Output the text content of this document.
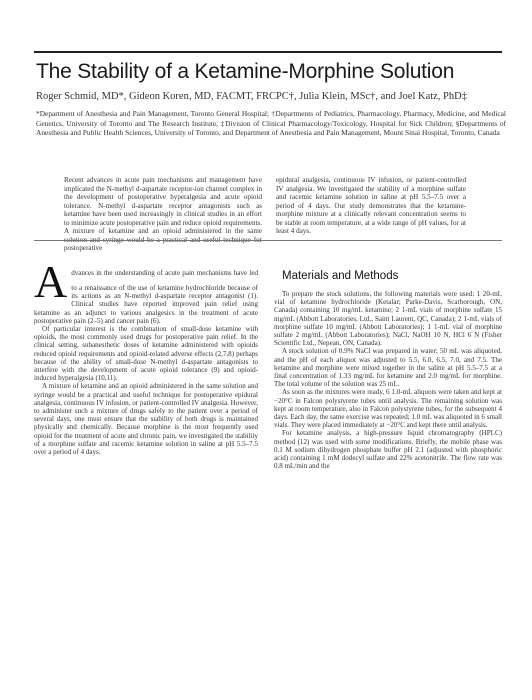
The Stability of a Ketamine-Morphine Solution
Roger Schmid, MD*, Gideon Koren, MD, FACMT, FRCPC†, Julia Klein, MSc†, and Joel Katz, PhD‡
*Department of Anesthesia and Pain Management, Toronto General Hospital; †Departments of Pediatrics, Pharmacology, Pharmacy, Medicine, and Medical Genetics, University of Toronto and The Research Institute, ‡Division of Clinical Pharmacology/Toxicology, Hospital for Sick Children; §Departments of Anesthesia and Public Health Sciences, University of Toronto, and Department of Anesthesia and Pain Management, Mount Sinai Hospital, Toronto, Canada
Recent advances in acute pain mechanisms and management have implicated the N-methyl d-aspartate receptor-ion channel complex in the development of postoperative hyperalgesia and acute opioid tolerance. N-methyl d-aspartate receptor antagonists such as ketamine have been used increasingly in clinical studies in an effort to minimize acute postoperative pain and reduce opioid requirements. A mixture of ketamine and an opioid administered in the same solution and syringe would be a practical and useful technique for postoperative
epidural analgesia, continuous IV infusion, or patient-controlled IV analgesia. We investigated the stability of a morphine sulfate and racemic ketamine solution in saline at pH 5.5–7.5 over a period of 4 days. Our study demonstrates that the ketamine-morphine mixture at a clinically relevant concentration seems to be stable at room temperature, at a wide range of pH values, for at least 4 days.

A dvances in the understanding of acute pain mechanisms have led to a renaissance of the use of ketamine hydrochloride because of its actions as an N-methyl d-aspartate receptor antagonist (1). Clinical studies have reported improved pain relief using ketamine as an adjunct to various analgesics in the treatment of acute postoperative pain (2–5) and cancer pain (6).

Of particular interest is the combination of small-dose ketamine with opioids, the most commonly used drugs for postoperative pain relief. In the clinical setting, subanesthetic doses of ketamine administered with opioids reduced opioid requirements and opioid-related adverse effects (2,7,8) perhaps because of the ability of small-dose N-methyl d-aspartate antagonists to interfere with the development of acute opioid tolerance (9) and opioid-induced hyperalgesia (10,11).

A mixture of ketamine and an opioid administered in the same solution and syringe would be a practical and useful technique for postoperative epidural analgesia, continuous IV infusion, or patient-controlled IV analgesia. However, to administer such a mixture of drugs safely to the patient over a period of several days, one must ensure that the stability of both drugs is maintained physically and chemically. Because morphine is the most frequently used opioid for the treatment of acute and chronic pain, we investigated the stability of a morphine sulfate and racemic ketamine solution in saline at pH 5.5–7.5 over a period of 4 days.

Materials and Methods

To prepare the stock solutions, the following materials were used: 1 20-mL vial of ketamine hydrochloride (Ketalar; Parke-Davis, Scarborough, ON, Canada) containing 10 mg/mL ketamine; 2 1-mL vials of morphine sulfate 15 mg/mL (Abbott Laboratories, Ltd., Saint Laurent, QC, Canada); 2 1-mL vials of morphine sulfate 10 mg/mL (Abbott Laboratories); 1 1-mL vial of morphine sulfate 2 mg/mL (Abbott Laboratories); NaCl, NaOH 10 N, HCl 6 N (Fisher Scientific Ltd., Nepean, ON, Canada).

A stock solution of 0.9% NaCl was prepared in water; 50 mL was aliquoted, and the pH of each aliquot was adjusted to 5.5, 6.0, 6.5, 7.0, and 7.5. The ketamine and morphine were mixed together in the saline at pH 5.5–7.5 at a final concentration of 1.33 mg/mL for ketamine and 2.0 mg/mL for morphine. The total volume of the solution was 25 mL.

As soon as the mixtures were ready, 6 1.0-mL aliquots were taken and kept at −20°C in Falcon polystyrene tubes until analysis. The remaining solution was kept at room temperature, also in Falcon polystyrene tubes, for the subsequent 4 days. Each day, the same exercise was repeated; 1.0 mL was aliquoted in 6 small vials. They were placed immediately at −20°C and kept there until analysis.

For ketamine analysis, a high-pressure liquid chromatography (HPLC) method (12) was used with some modifications. Briefly, the mobile phase was 0.1 M sodium dihydrogen phosphate buffer pH 2.1 (adjusted with phosphoric acid) containing 1 mM dodecyl sulfate and 22% acetonitrile. The flow rate was 0.8 mL/min and the
